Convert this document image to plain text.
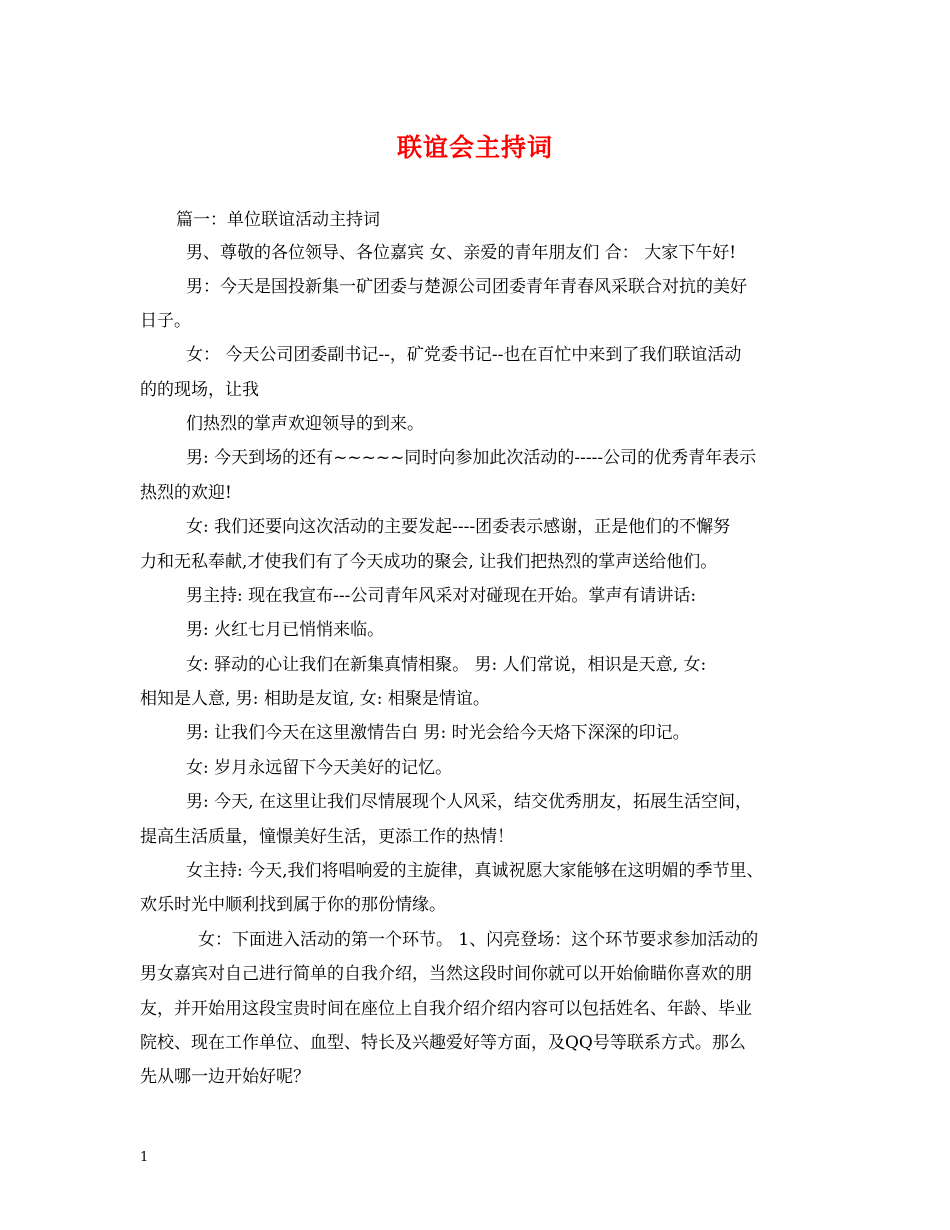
联谊会主持词
篇一：单位联谊活动主持词
男、尊敬的各位领导、各位嘉宾 女、亲爱的青年朋友们 合： 大家下午好!
男：今天是国投新集一矿团委与楚源公司团委青年青春风采联合对抗的美好
日子。
女： 今天公司团委副书记--，矿党委书记--也在百忙中来到了我们联谊活动
的的现场，让我
们热烈的掌声欢迎领导的到来。
男: 今天到场的还有~~~~~同时向参加此次活动的-----公司的优秀青年表示
热烈的欢迎!
女: 我们还要向这次活动的主要发起----团委表示感谢，正是他们的不懈努
力和无私奉献,才使我们有了今天成功的聚会, 让我们把热烈的掌声送给他们。
男主持: 现在我宣布---公司青年风采对对碰现在开始。掌声有请讲话:
男: 火红七月已悄悄来临。
女: 驿动的心让我们在新集真情相聚。 男: 人们常说，相识是天意, 女:
相知是人意, 男: 相助是友谊, 女: 相聚是情谊。
男: 让我们今天在这里激情告白 男: 时光会给今天烙下深深的印记。
女: 岁月永远留下今天美好的记忆。
男: 今天, 在这里让我们尽情展现个人风采，结交优秀朋友，拓展生活空间，
提高生活质量，憧憬美好生活，更添工作的热情！
女主持: 今天,我们将唱响爱的主旋律，真诚祝愿大家能够在这明媚的季节里、
欢乐时光中顺利找到属于你的那份情缘。
女：下面进入活动的第一个环节。 1、闪亮登场：这个环节要求参加活动的
男女嘉宾对自己进行简单的自我介绍，当然这段时间你就可以开始偷瞄你喜欢的朋
友，并开始用这段宝贵时间在座位上自我介绍介绍内容可以包括姓名、年龄、毕业
院校、现在工作单位、血型、特长及兴趣爱好等方面，及QQ号等联系方式。那么
先从哪一边开始好呢？
1
